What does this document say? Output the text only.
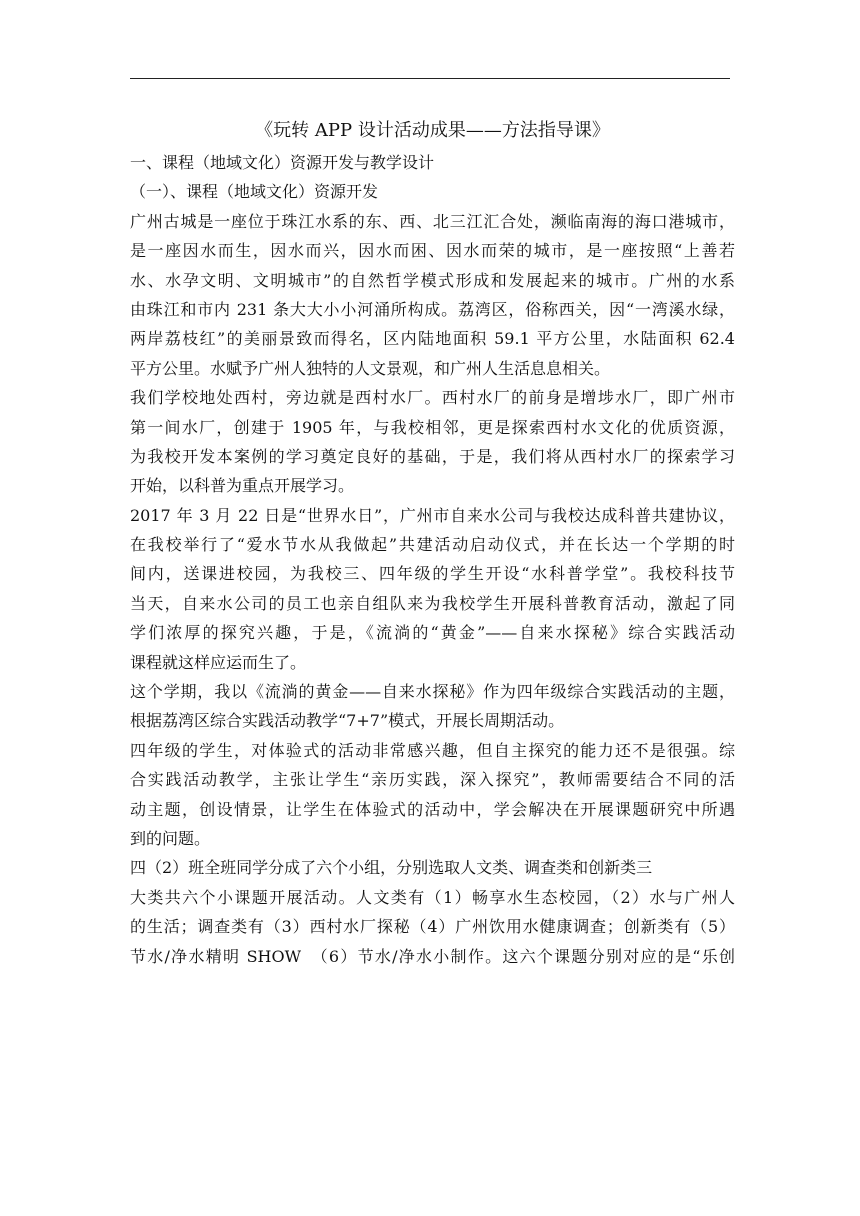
《玩转 APP 设计活动成果——方法指导课》
一、课程（地域文化）资源开发与教学设计
（一）、课程（地域文化）资源开发
广州古城是一座位于珠江水系的东、西、北三江汇合处，濒临南海的海口港城市，
是一座因水而生，因水而兴，因水而困、因水而荣的城市，是一座按照“上善若
水、水孕文明、文明城市”的自然哲学模式形成和发展起来的城市。广州的水系
由珠江和市内 231 条大大小小河涌所构成。荔湾区，俗称西关，因“一湾溪水绿，
两岸荔枝红”的美丽景致而得名，区内陆地面积 59.1 平方公里，水陆面积 62.4
平方公里。水赋予广州人独特的人文景观，和广州人生活息息相关。
我们学校地处西村，旁边就是西村水厂。西村水厂的前身是增埗水厂，即广州市
第一间水厂，创建于 1905 年，与我校相邻，更是探索西村水文化的优质资源，
为我校开发本案例的学习奠定良好的基础，于是，我们将从西村水厂的探索学习
开始，以科普为重点开展学习。
2017 年 3 月 22 日是“世界水日”，广州市自来水公司与我校达成科普共建协议，
在我校举行了“爱水节水从我做起”共建活动启动仪式，并在长达一个学期的时
间内，送课进校园，为我校三、四年级的学生开设“水科普学堂”。我校科技节
当天，自来水公司的员工也亲自组队来为我校学生开展科普教育活动，激起了同
学们浓厚的探究兴趣，于是，《流淌的“黄金”——自来水探秘》综合实践活动
课程就这样应运而生了。
这个学期，我以《流淌的黄金——自来水探秘》作为四年级综合实践活动的主题，
根据荔湾区综合实践活动教学“7+7”模式，开展长周期活动。
四年级的学生，对体验式的活动非常感兴趣，但自主探究的能力还不是很强。综
合实践活动教学，主张让学生“亲历实践，深入探究”，教师需要结合不同的活
动主题，创设情景，让学生在体验式的活动中，学会解决在开展课题研究中所遇
到的问题。
四（2）班全班同学分成了六个小组，分别选取人文类、调查类和创新类三
大类共六个小课题开展活动。人文类有（1）畅享水生态校园，（2）水与广州人
的生活；调查类有（3）西村水厂探秘（4）广州饮用水健康调查；创新类有（5）
节水/净水精明 SHOW　（6）节水/净水小制作。这六个课题分别对应的是“乐创
